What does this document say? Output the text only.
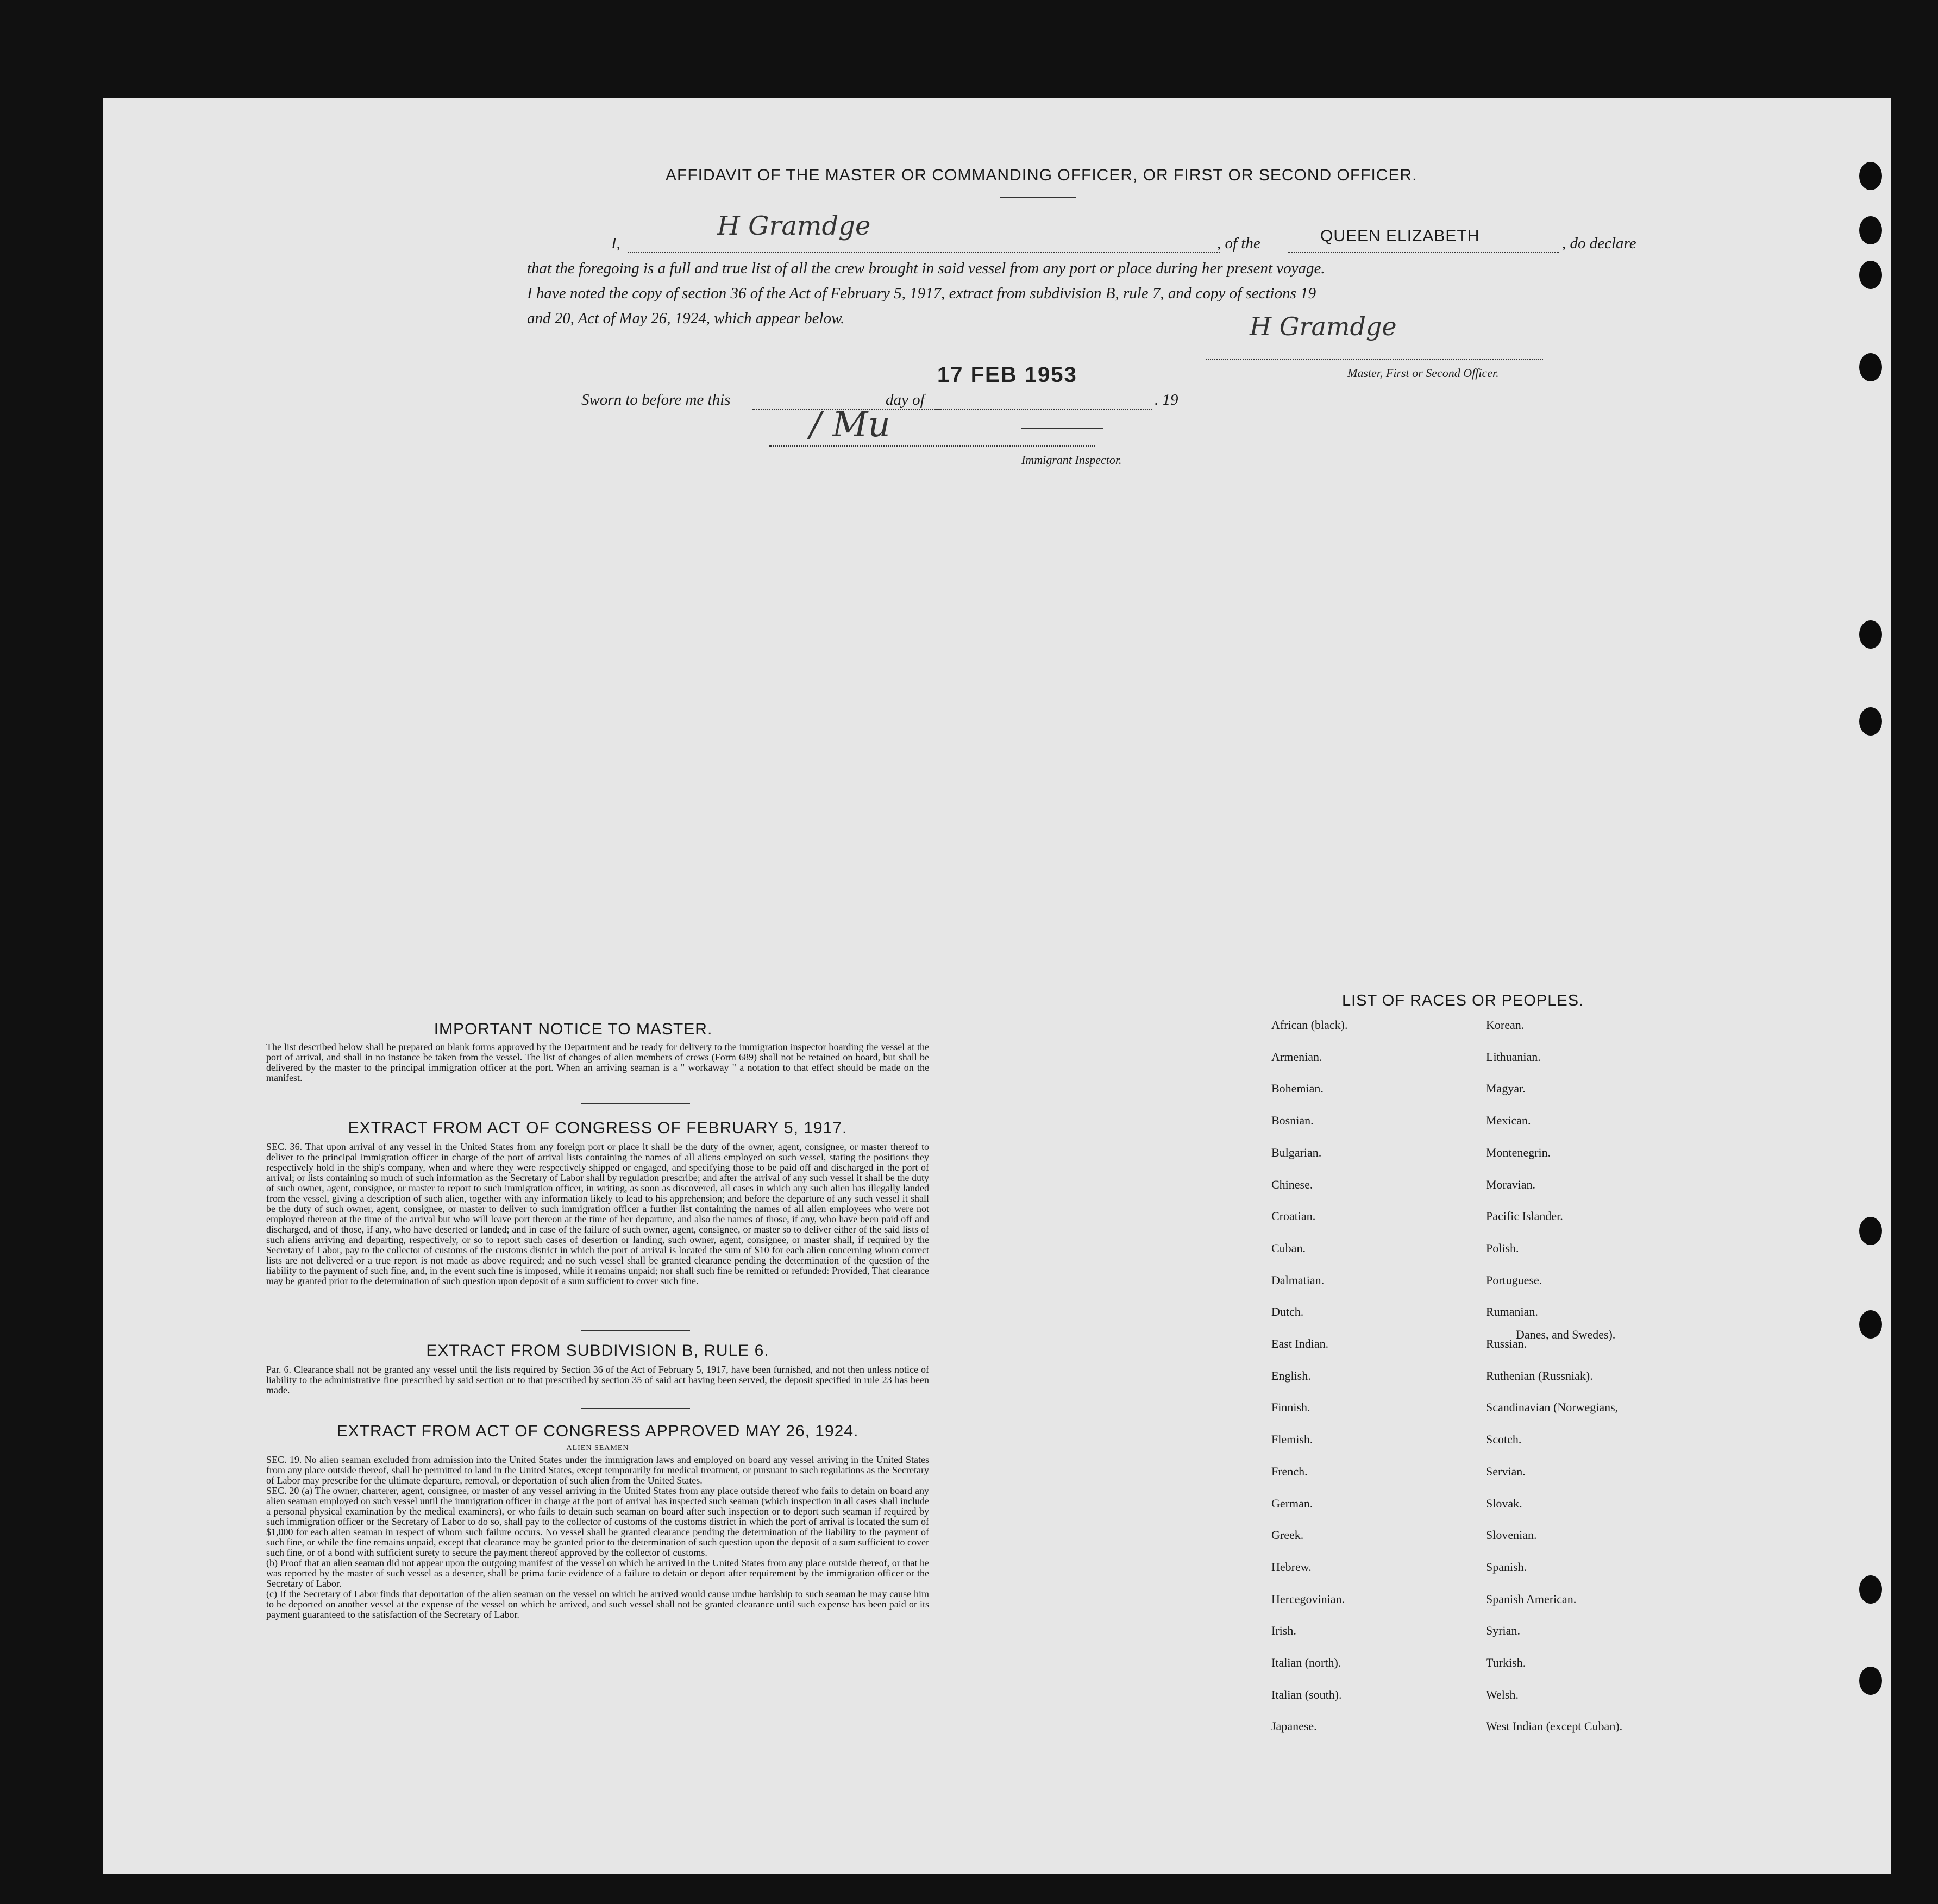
AFFIDAVIT OF THE MASTER OR COMMANDING OFFICER, OR FIRST OR SECOND OFFICER.
I,
H Gramdge
, of the	QUEEN ELIZABETH	, do declare
that the foregoing is a full and true list of all the crew brought in said vessel from any port or place during her present voyage.
I have noted the copy of section 36 of the Act of February 5, 1917, extract from subdivision B, rule 7, and copy of sections 19
and 20, Act of May 26, 1924, which appear below.	H Gramdge
Master, First or Second Officer.
17 FEB 1953
Sworn to before me this	day of	. 19
/ Mu
Immigrant Inspector.
IMPORTANT NOTICE TO MASTER.
The list described below shall be prepared on blank forms approved by the Department and be ready for delivery to the immigration inspector boarding the vessel at the port of arrival, and shall in no instance be taken from the vessel. The list of changes of alien members of crews (Form 689) shall not be retained on board, but shall be delivered by the master to the principal immigration officer at the port. When an arriving seaman is a " workaway " a notation to that effect should be made on the manifest.
EXTRACT FROM ACT OF CONGRESS OF FEBRUARY 5, 1917.
SEC. 36. That upon arrival of any vessel in the United States from any foreign port or place it shall be the duty of the owner, agent, consignee, or master thereof to deliver to the principal immigration officer in charge of the port of arrival lists containing the names of all aliens employed on such vessel, stating the positions they respectively hold in the ship's company, when and where they were respectively shipped or engaged, and specifying those to be paid off and discharged in the port of arrival; or lists containing so much of such information as the Secretary of Labor shall by regulation prescribe; and after the arrival of any such vessel it shall be the duty of such owner, agent, consignee, or master to report to such immigration officer, in writing, as soon as discovered, all cases in which any such alien has illegally landed from the vessel, giving a description of such alien, together with any information likely to lead to his apprehension; and before the departure of any such vessel it shall be the duty of such owner, agent, consignee, or master to deliver to such immigration officer a further list containing the names of all alien employees who were not employed thereon at the time of the arrival but who will leave port thereon at the time of her departure, and also the names of those, if any, who have been paid off and discharged, and of those, if any, who have deserted or landed; and in case of the failure of such owner, agent, consignee, or master so to deliver either of the said lists of such aliens arriving and departing, respectively, or so to report such cases of desertion or landing, such owner, agent, consignee, or master shall, if required by the Secretary of Labor, pay to the collector of customs of the customs district in which the port of arrival is located the sum of $10 for each alien concerning whom correct lists are not delivered or a true report is not made as above required; and no such vessel shall be granted clearance pending the determination of the question of the liability to the payment of such fine, and, in the event such fine is imposed, while it remains unpaid; nor shall such fine be remitted or refunded: Provided, That clearance may be granted prior to the determination of such question upon deposit of a sum sufficient to cover such fine.
EXTRACT FROM SUBDIVISION B, RULE 6.
Par. 6. Clearance shall not be granted any vessel until the lists required by Section 36 of the Act of February 5, 1917, have been furnished, and not then unless notice of liability to the administrative fine prescribed by said section or to that prescribed by section 35 of said act having been served, the deposit specified in rule 23 has been made.
EXTRACT FROM ACT OF CONGRESS APPROVED MAY 26, 1924.
ALIEN SEAMEN
SEC. 19. No alien seaman excluded from admission into the United States under the immigration laws and employed on board any vessel arriving in the United States from any place outside thereof, shall be permitted to land in the United States, except temporarily for medical treatment, or pursuant to such regulations as the Secretary of Labor may prescribe for the ultimate departure, removal, or deportation of such alien from the United States.
SEC. 20 (a) The owner, charterer, agent, consignee, or master of any vessel arriving in the United States from any place outside thereof who fails to detain on board any alien seaman employed on such vessel until the immigration officer in charge at the port of arrival has inspected such seaman (which inspection in all cases shall include a personal physical examination by the medical examiners), or who fails to detain such seaman on board after such inspection or to deport such seaman if required by such immigration officer or the Secretary of Labor to do so, shall pay to the collector of customs of the customs district in which the port of arrival is located the sum of $1,000 for each alien seaman in respect of whom such failure occurs. No vessel shall be granted clearance pending the determination of the liability to the payment of such fine, or while the fine remains unpaid, except that clearance may be granted prior to the determination of such question upon the deposit of a sum sufficient to cover such fine, or of a bond with sufficient surety to secure the payment thereof approved by the collector of customs.
(b) Proof that an alien seaman did not appear upon the outgoing manifest of the vessel on which he arrived in the United States from any place outside thereof, or that he was reported by the master of such vessel as a deserter, shall be prima facie evidence of a failure to detain or deport after requirement by the immigration officer or the Secretary of Labor.
(c) If the Secretary of Labor finds that deportation of the alien seaman on the vessel on which he arrived would cause undue hardship to such seaman he may cause him to be deported on another vessel at the expense of the vessel on which he arrived, and such vessel shall not be granted clearance until such expense has been paid or its payment guaranteed to the satisfaction of the Secretary of Labor.
LIST OF RACES OR PEOPLES.
Danes, and Swedes).
African (black).
Armenian.
Bohemian.
Bosnian.
Bulgarian.
Chinese.
Croatian.
Cuban.
Dalmatian.
Dutch.
East Indian.
English.
Finnish.
Flemish.
French.
German.
Greek.
Hebrew.
Hercegovinian.
Irish.
Italian (north).
Italian (south).
Japanese.
Korean.
Lithuanian.
Magyar.
Mexican.
Montenegrin.
Moravian.
Pacific Islander.
Polish.
Portuguese.
Rumanian.
Russian.
Ruthenian (Russniak).
Scandinavian (Norwegians,
Scotch.
Servian.
Slovak.
Slovenian.
Spanish.
Spanish American.
Syrian.
Turkish.
Welsh.
West Indian (except Cuban).
